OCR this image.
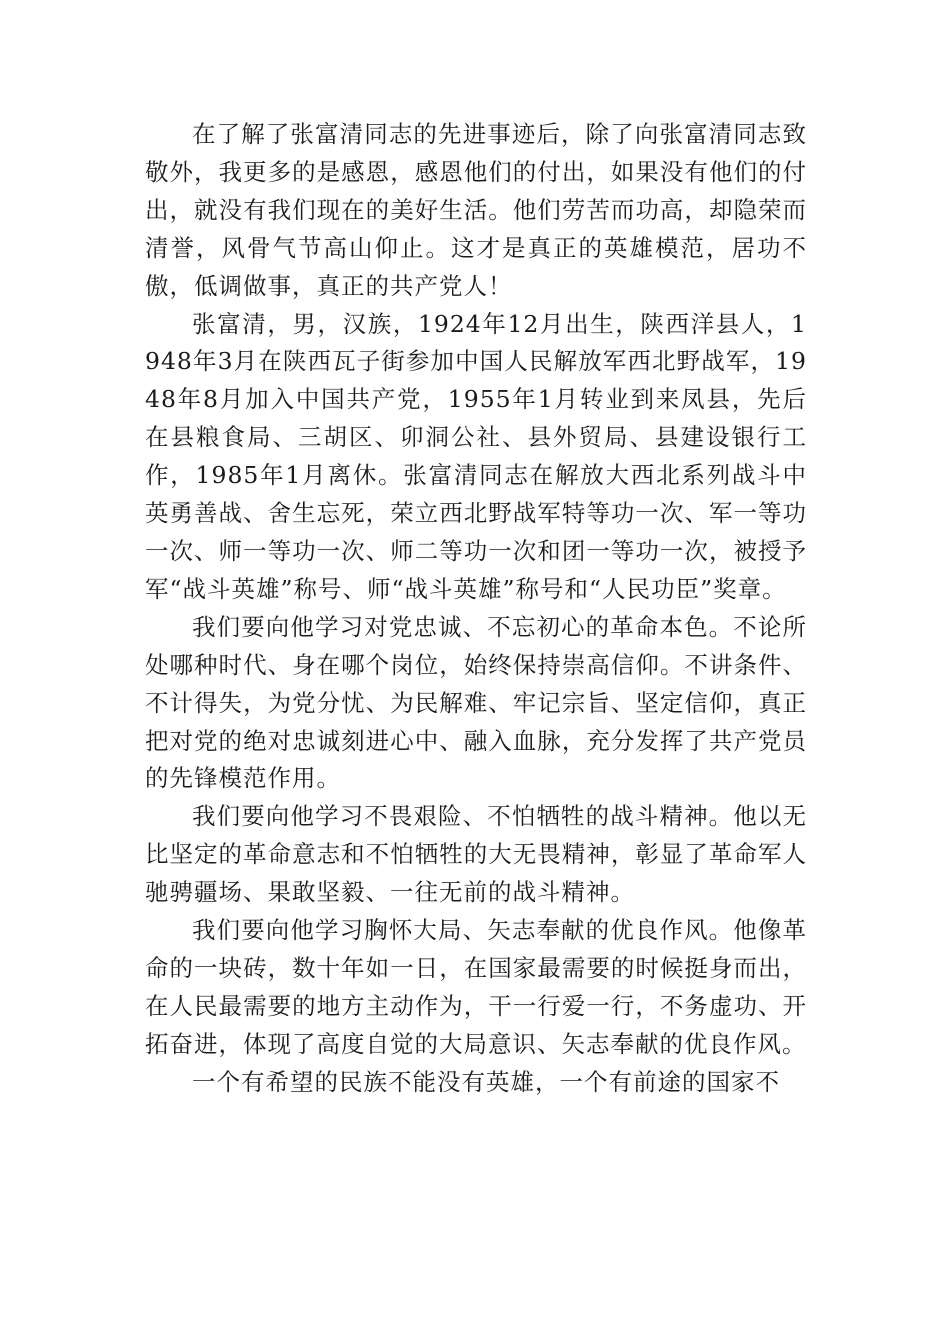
在了解了张富清同志的先进事迹后，除了向张富清同志致敬外，我更多的是感恩，感恩他们的付出，如果没有他们的付出，就没有我们现在的美好生活。他们劳苦而功高，却隐荣而清誉，风骨气节高山仰止。这才是真正的英雄模范，居功不傲，低调做事，真正的共产党人！

张富清，男，汉族，1924年12月出生，陕西洋县人，1948年3月在陕西瓦子街参加中国人民解放军西北野战军，1948年8月加入中国共产党，1955年1月转业到来凤县，先后在县粮食局、三胡区、卯洞公社、县外贸局、县建设银行工作，1985年1月离休。张富清同志在解放大西北系列战斗中英勇善战、舍生忘死，荣立西北野战军特等功一次、军一等功一次、师一等功一次、师二等功一次和团一等功一次，被授予军“战斗英雄”称号、师“战斗英雄”称号和“人民功臣”奖章。

我们要向他学习对党忠诚、不忘初心的革命本色。不论所处哪种时代、身在哪个岗位，始终保持崇高信仰。不讲条件、不计得失，为党分忧、为民解难、牢记宗旨、坚定信仰，真正把对党的绝对忠诚刻进心中、融入血脉，充分发挥了共产党员的先锋模范作用。

我们要向他学习不畏艰险、不怕牺牲的战斗精神。他以无比坚定的革命意志和不怕牺牲的大无畏精神，彰显了革命军人驰骋疆场、果敢坚毅、一往无前的战斗精神。

我们要向他学习胸怀大局、矢志奉献的优良作风。他像革命的一块砖，数十年如一日，在国家最需要的时候挺身而出，在人民最需要的地方主动作为，干一行爱一行，不务虚功、开拓奋进，体现了高度自觉的大局意识、矢志奉献的优良作风。

一个有希望的民族不能没有英雄，一个有前途的国家不
